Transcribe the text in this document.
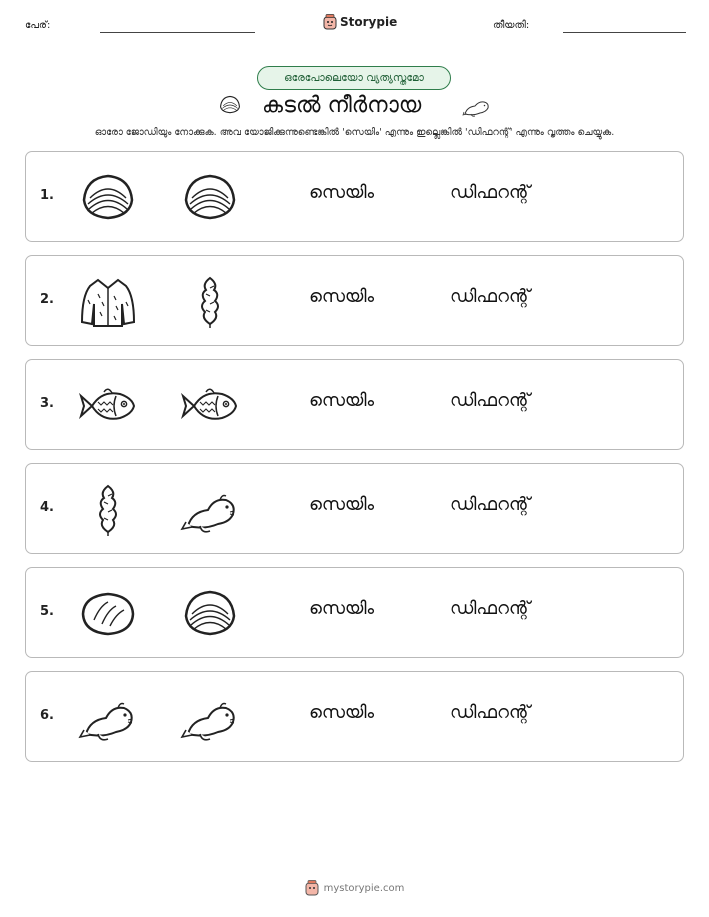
പേര്:	Storypie	തീയതി:
ഒരേപോലെയോ വ്യത്യസ്തമോ
കടൽ നീർനായ
ഓരോ ജോഡിയും നോക്കുക. അവ യോജിക്കുന്നുണ്ടെങ്കിൽ 'സെയിം' എന്നും ഇല്ലെങ്കിൽ 'ഡിഫറന്റ്' എന്നും വൃത്തം ചെയ്യുക.
1.	സെയിം	ഡിഫറന്റ്
2.	സെയിം	ഡിഫറന്റ്
3.	സെയിം	ഡിഫറന്റ്
4.	സെയിം	ഡിഫറന്റ്
5.	സെയിം	ഡിഫറന്റ്
6.	സെയിം	ഡിഫറന്റ്
mystorypie.com
